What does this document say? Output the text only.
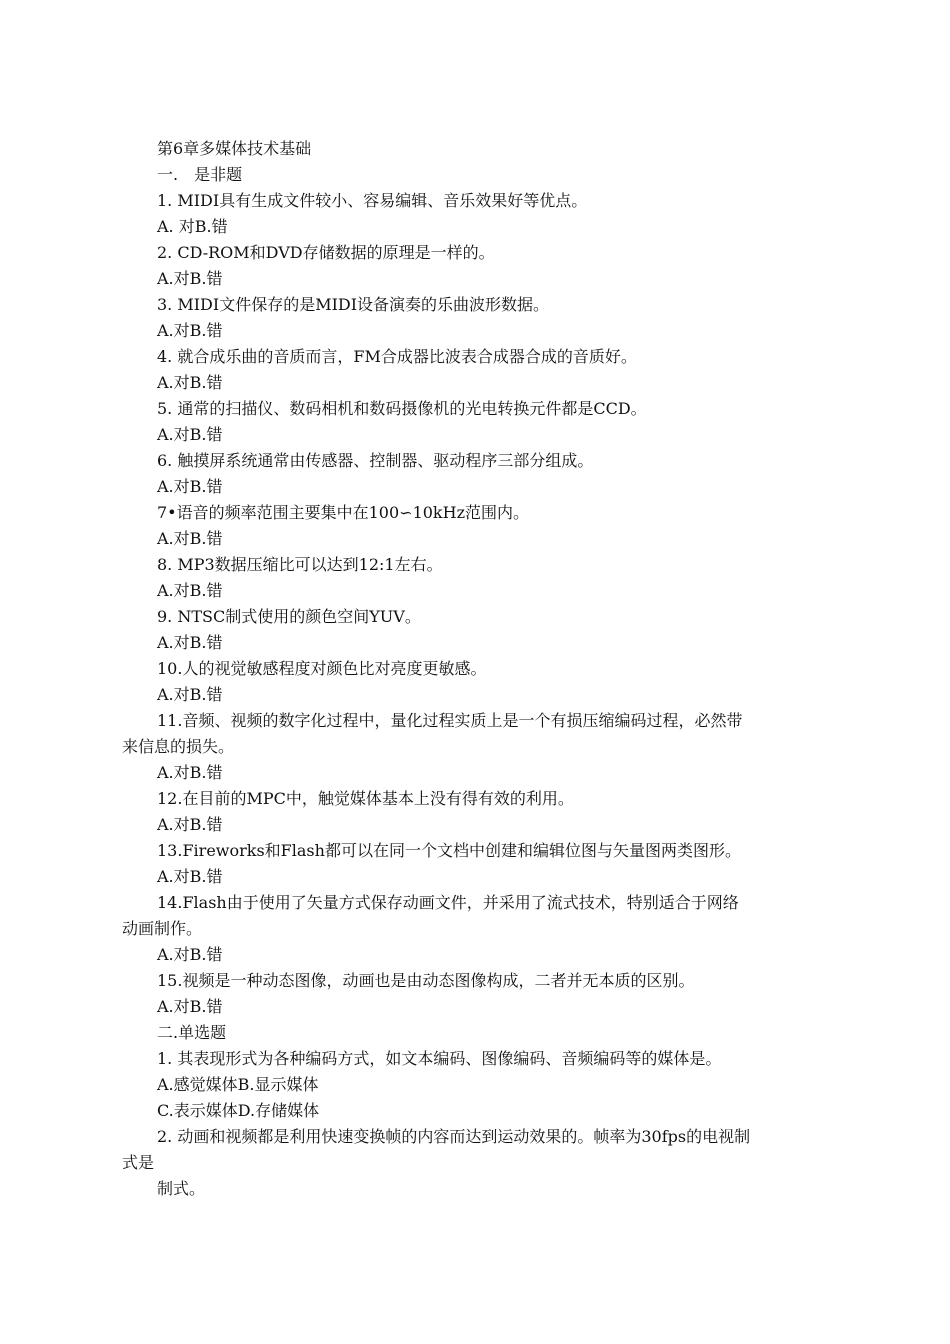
第6章多媒体技术基础
一.　是非题
1. MIDI具有生成文件较小、容易编辑、音乐效果好等优点。
A. 对B.错
2. CD-ROM和DVD存储数据的原理是一样的。
A.对B.错
3. MIDI文件保存的是MIDI设备演奏的乐曲波形数据。
A.对B.错
4. 就合成乐曲的音质而言，FM合成器比波表合成器合成的音质好。
A.对B.错
5. 通常的扫描仪、数码相机和数码摄像机的光电转换元件都是CCD。
A.对B.错
6. 触摸屏系统通常由传感器、控制器、驱动程序三部分组成。
A.对B.错
7•语音的频率范围主要集中在100∽10kHz范围内。
A.对B.错
8. MP3数据压缩比可以达到12:1左右。
A.对B.错
9. NTSC制式使用的颜色空间YUV。
A.对B.错
10.人的视觉敏感程度对颜色比对亮度更敏感。
A.对B.错
11.音频、视频的数字化过程中，量化过程实质上是一个有损压缩编码过程，必然带
来信息的损失。
A.对B.错
12.在目前的MPC中，触觉媒体基本上没有得有效的利用。
A.对B.错
13.Fireworks和Flash都可以在同一个文档中创建和编辑位图与矢量图两类图形。
A.对B.错
14.Flash由于使用了矢量方式保存动画文件，并采用了流式技术，特别适合于网络
动画制作。
A.对B.错
15.视频是一种动态图像，动画也是由动态图像构成，二者并无本质的区别。
A.对B.错
二.单选题
1. 其表现形式为各种编码方式，如文本编码、图像编码、音频编码等的媒体是。
A.感觉媒体B.显示媒体
C.表示媒体D.存储媒体
2. 动画和视频都是利用快速变换帧的内容而达到运动效果的。帧率为30fps的电视制
式是
制式。
